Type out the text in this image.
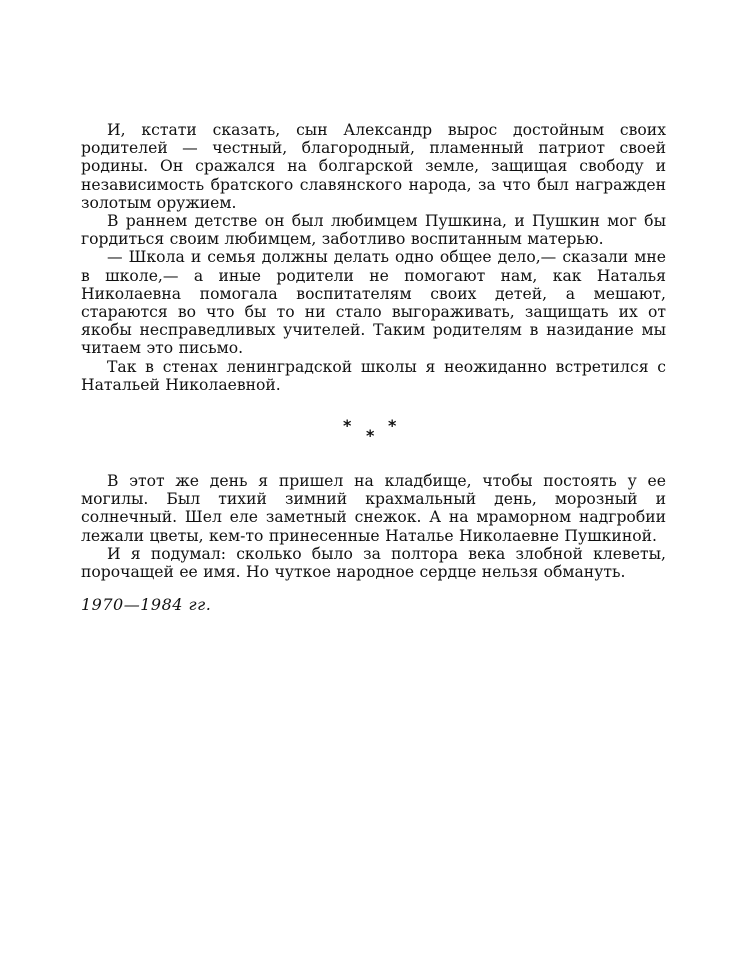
И, кстати сказать, сын Александр вырос достойным своих родителей — честный, благородный, пламенный патриот своей родины. Он сражался на болгарской земле, защищая свободу и независимость братского славянского народа, за что был награжден золотым оружием.

В раннем детстве он был любимцем Пушкина, и Пушкин мог бы гордиться своим любимцем, заботливо воспитанным матерью.

— Школа и семья должны делать одно общее дело,— сказали мне в школе,— а иные родители не помогают нам, как Наталья Николаевна помогала воспитателям своих детей, а мешают, стараются во что бы то ни стало выгораживать, защищать их от якобы несправедливых учителей. Таким родителям в назидание мы читаем это письмо.

Так в стенах ленинградской школы я неожиданно встретился с Натальей Николаевной.

*
*
*

В этот же день я пришел на кладбище, чтобы постоять у ее могилы. Был тихий зимний крахмальный день, морозный и солнечный. Шел еле заметный снежок. А на мраморном надгробии лежали цветы, кем-то принесенные Наталье Николаевне Пушкиной.

И я подумал: сколько было за полтора века злобной клеветы, порочащей ее имя. Но чуткое народное сердце нельзя обмануть.

1970—1984 гг.
